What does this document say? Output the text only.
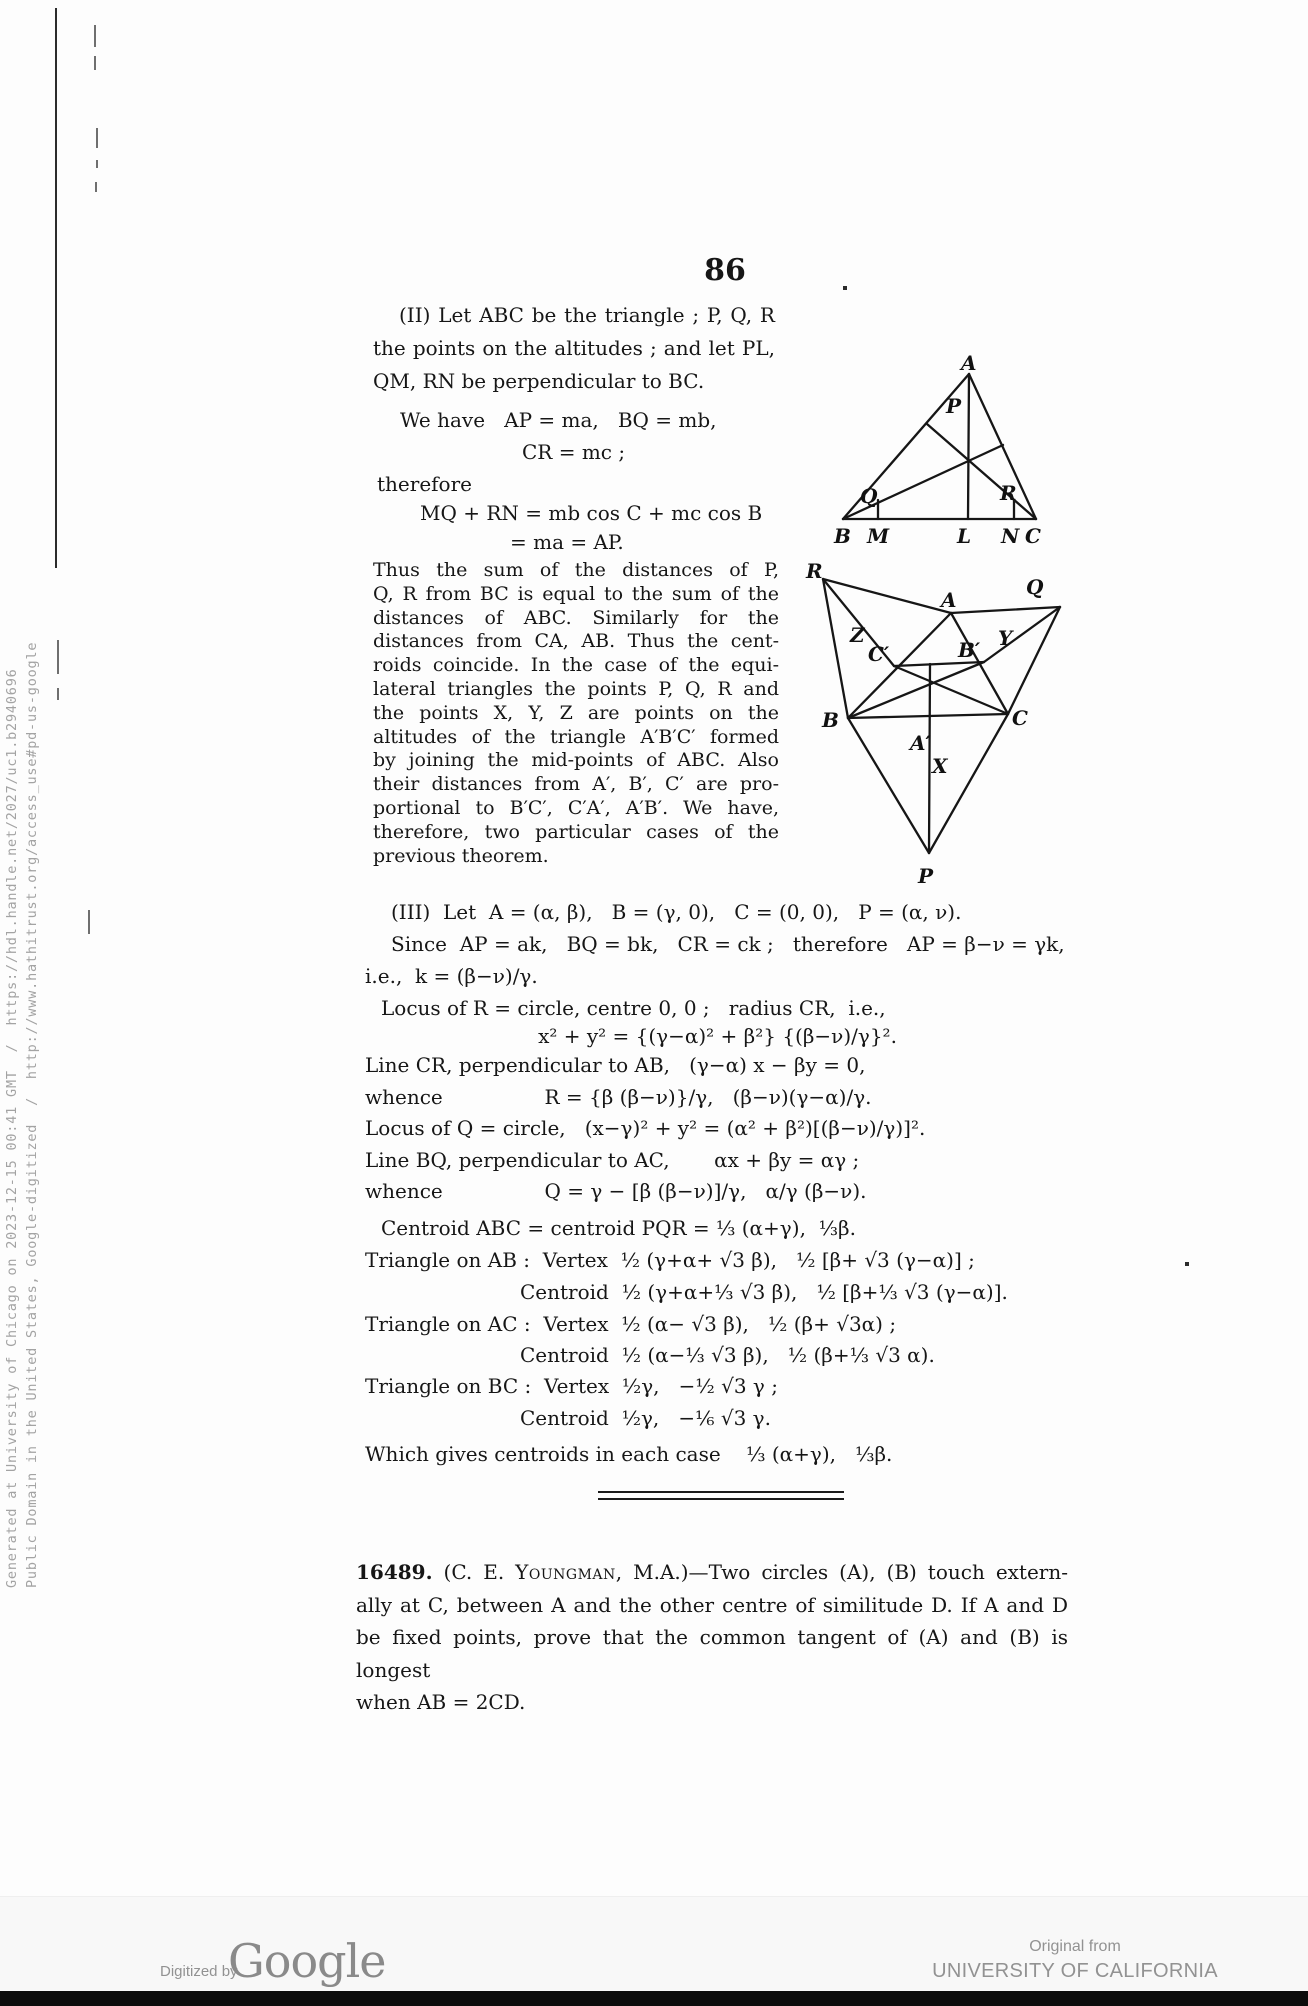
Generated at University of Chicago on 2023-12-15 00:41 GMT  /  https://hdl.handle.net/2027/uc1.b2940696 Public Domain in the United States, Google-digitized  /  http://www.hathitrust.org/access_use#pd-us-google
86
(II) Let ABC be the triangle ; P, Q, R
the points on the altitudes ; and let PL,
QM, RN be perpendicular to BC.
We have   AP = ma,   BQ = mb,
CR = mc ;
therefore
MQ + RN = mb cos C + mc cos B
= ma = AP.
A
P
Q	R
B M	L N C
Thus the sum of the distances of P,
Q, R from BC is equal to the sum of the
distances of ABC. Similarly for the
distances from CA, AB. Thus the cent-
roids coincide. In the case of the equi-
lateral triangles the points P, Q, R and
the points X, Y, Z are points on the
altitudes of the triangle A′B′C′ formed
by joining the mid-points of ABC. Also
their distances from A′, B′, C′ are pro-
portional to B′C′, C′A′, A′B′. We have,
therefore, two particular cases of the
previous theorem.
R
A
Q
Z
C′	B′ Y
B	C
A′
X
P
(III)  Let  A = (α, β),   B = (γ, 0),   C = (0, 0),   P = (α, ν).
Since  AP = ak,   BQ = bk,   CR = ck ;   therefore   AP = β−ν = γk,
i.e.,  k = (β−ν)/γ.
Locus of R = circle, centre 0, 0 ;   radius CR,  i.e.,
x² + y² = {(γ−α)² + β²} {(β−ν)/γ}².
Line CR, perpendicular to AB,   (γ−α) x − βy = 0,
whence                R = {β (β−ν)}/γ,   (β−ν)(γ−α)/γ.
Locus of Q = circle,   (x−γ)² + y² = (α² + β²)[(β−ν)/γ)]².
Line BQ, perpendicular to AC,       αx + βy = αγ ;
whence                Q = γ − [β (β−ν)]/γ,   α/γ (β−ν).
Centroid ABC = centroid PQR = ⅓ (α+γ),  ⅓β.
Triangle on AB :  Vertex  ½ (γ+α+ √3 β),   ½ [β+ √3 (γ−α)] ;
Centroid  ½ (γ+α+⅓ √3 β),   ½ [β+⅓ √3 (γ−α)].
Triangle on AC :  Vertex  ½ (α− √3 β),   ½ (β+ √3α) ;
Centroid  ½ (α−⅓ √3 β),   ½ (β+⅓ √3 α).
Triangle on BC :  Vertex  ½γ,   −½ √3 γ ;
Centroid  ½γ,   −⅙ √3 γ.
Which gives centroids in each case    ⅓ (α+γ),   ⅓β.
16489. (C. E. Youngman, M.A.)—Two circles (A), (B) touch extern-
ally at C, between A and the other centre of similitude D. If A and D
be fixed points, prove that the common tangent of (A) and (B) is longest
when AB = 2CD.
Digitized by
Google	Original from
UNIVERSITY OF CALIFORNIA
